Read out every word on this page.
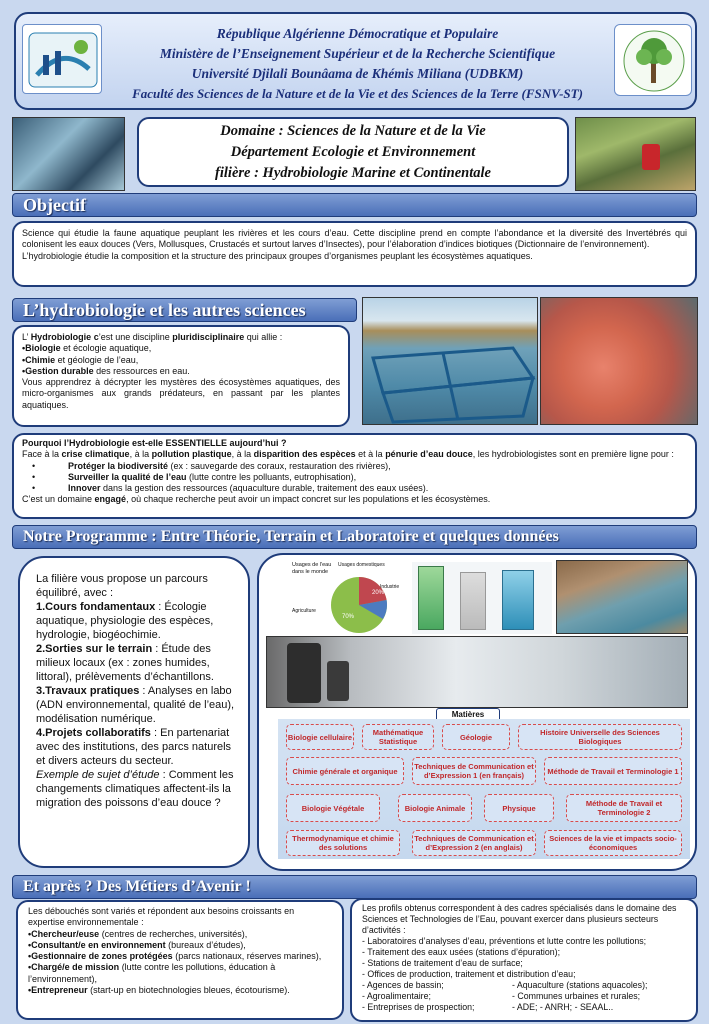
République Algérienne Démocratique et Populaire
Ministère de l’Enseignement Supérieur et de la Recherche Scientifique
Université Djilali Bounâama de Khémis Miliana (UDBKM)
Faculté des Sciences de la Nature et de la Vie et des Sciences de la Terre (FSNV-ST)
Domaine : Sciences de la Nature et de la Vie
Département Ecologie et Environnement
filière : Hydrobiologie Marine et Continentale
Objectif

Science qui étudie la faune aquatique peuplant les rivières et les cours d’eau. Cette discipline prend en compte l’abondance et la diversité des Invertébrés qui colonisent les eaux douces (Vers, Mollusques, Crustacés et surtout larves d’Insectes), pour l’élaboration d’indices biotiques (Dictionnaire de l’environnement).

L’hydrobiologie étudie la composition et la structure des principaux groupes d’organismes peuplant les écosystèmes aquatiques.

L’hydrobiologie et les autres sciences

L’ Hydrobiologie c’est une discipline pluridisciplinaire qui allie :

•Biologie et écologie aquatique,

•Chimie et géologie de l’eau,

•Gestion durable des ressources en eau.

Vous apprendrez à décrypter les mystères des écosystèmes aquatiques, des micro-organismes aux grands prédateurs, en passant par les plantes aquatiques.

Pourquoi l’Hydrobiologie est-elle ESSENTIELLE aujourd’hui ?

Face à la crise climatique, à la pollution plastique, à la disparition des espèces et à la pénurie d’eau douce, les hydrobiologistes sont en première ligne pour :

•	Protéger la biodiversité (ex : sauvegarde des coraux, restauration des rivières),

•	Surveiller la qualité de l’eau (lutte contre les polluants, eutrophisation),

•	Innover dans la gestion des ressources (aquaculture durable, traitement des eaux usées).

C’est un domaine engagé, où chaque recherche peut avoir un impact concret sur les populations et les écosystèmes.

Notre Programme : Entre Théorie, Terrain et Laboratoire et quelques données

La filière vous propose un parcours équilibré, avec :

1.Cours fondamentaux : Écologie aquatique, physiologie des espèces, hydrologie, biogéochimie.

2.Sorties sur le terrain : Étude des milieux locaux (ex : zones humides, littoral), prélèvements d’échantillons.

3.Travaux pratiques : Analyses en labo (ADN environnemental, qualité de l’eau), modélisation numérique.

4.Projets collaboratifs : En partenariat avec des institutions, des parcs naturels et divers acteurs du secteur.

Exemple de sujet d’étude : Comment les changements climatiques affectent-ils la migration des poissons d’eau douce ?

Usages de l'eau dans le monde
Usages domestiques
Industrie
Agriculture
70%
20%
Matières
Biologie cellulaire	Mathématique Statistique	Géologie	Histoire Universelle des Sciences Biologiques
Chimie générale et organique	Techniques de Communication et d’Expression 1 (en français)	Méthode de Travail et Terminologie 1
Biologie Végétale	Biologie Animale	Physique	Méthode de Travail et Terminologie 2
Thermodynamique et chimie des solutions
Techniques de Communication et d’Expression 2 (en anglais)
Sciences de la vie et impacts socio-économiques
Et après ? Des Métiers d’Avenir !

Les débouchés sont variés et répondent aux besoins croissants en expertise environnementale :

•Chercheur/euse (centres de recherches, universités),

•Consultant/e en environnement (bureaux d’études),

•Gestionnaire de zones protégées (parcs nationaux, réserves marines),

•Chargé/e de mission (lutte contre les pollutions, éducation à l’environnement),

•Entrepreneur (start-up en biotechnologies bleues, écotourisme).

Les profils obtenus correspondent à des cadres spécialisés dans le domaine des Sciences et Technologies de l’Eau, pouvant exercer dans plusieurs secteurs d’activités :

- Laboratoires d’analyses d’eau, préventions et lutte contre les pollutions;

- Traitement des eaux usées (stations d’épuration);

- Stations de traitement d’eau de surface;

- Offices de production, traitement et distribution d’eau;

- Agences de bassin;	- Aquaculture (stations aquacoles);

- Agroalimentaire;	- Communes urbaines et rurales;

- Entreprises de prospection;	- ADE; - ANRH; - SEAAL..
